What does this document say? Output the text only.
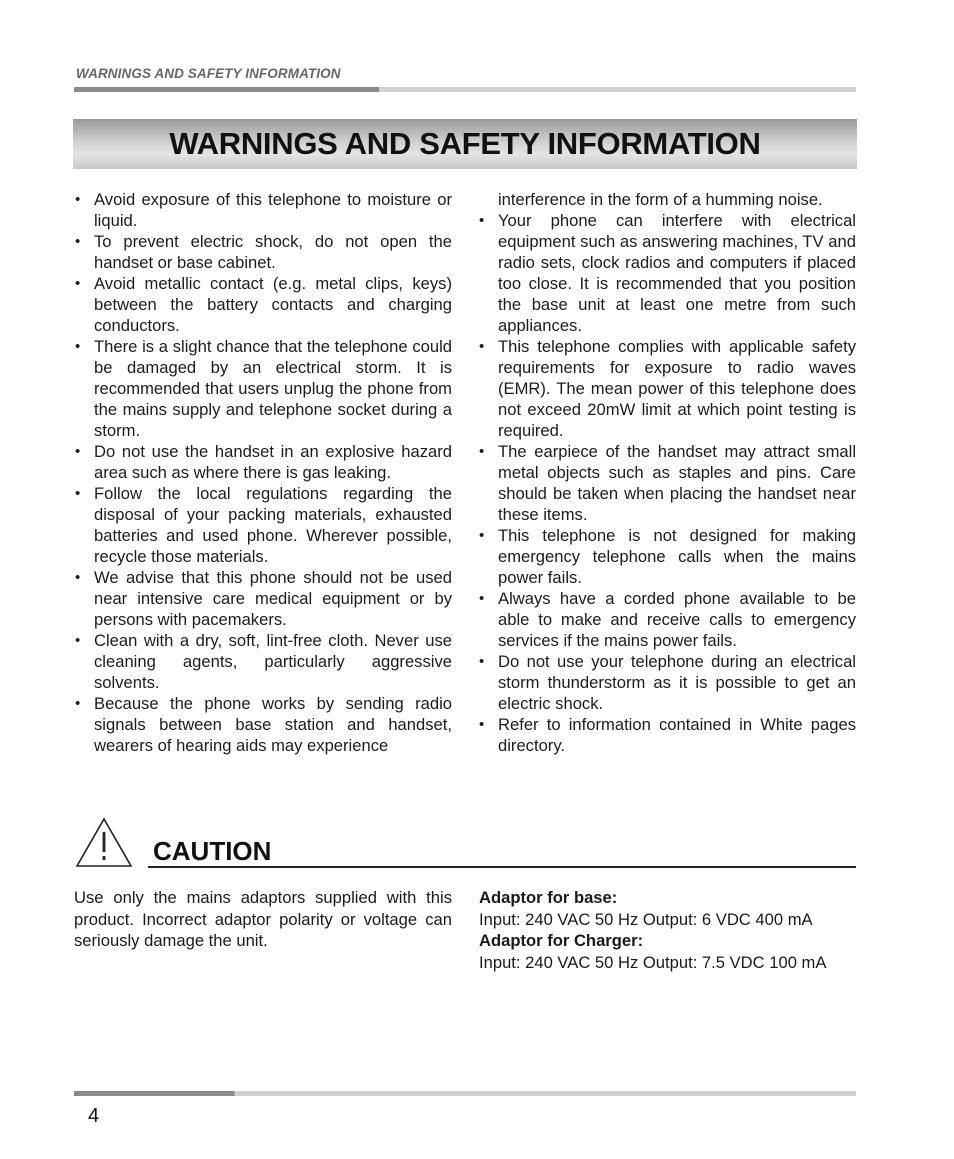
WARNINGS AND SAFETY INFORMATION
WARNINGS AND SAFETY INFORMATION
• Avoid exposure of this telephone to moisture or liquid.
• To prevent electric shock, do not open the handset or base cabinet.
• Avoid metallic contact (e.g. metal clips, keys) between the battery contacts and charging conductors.
• There is a slight chance that the telephone could be damaged by an electrical storm. It is recommended that users unplug the phone from the mains supply and telephone socket during a storm.
• Do not use the handset in an explosive hazard area such as where there is gas leaking.
• Follow the local regulations regarding the disposal of your packing materials, exhausted batteries and used phone. Wherever possible, recycle those materials.
• We advise that this phone should not be used near intensive care medical equipment or by persons with pacemakers.
• Clean with a dry, soft, lint-free cloth. Never use cleaning agents, particularly aggressive solvents.
• Because the phone works by sending radio signals between base station and handset, wearers of hearing aids may experience
interference in the form of a humming noise.
• Your phone can interfere with electrical equipment such as answering machines, TV and radio sets, clock radios and computers if placed too close. It is recommended that you position the base unit at least one metre from such appliances.
• This telephone complies with applicable safety requirements for exposure to radio waves (EMR). The mean power of this telephone does not exceed 20mW limit at which point testing is required.
• The earpiece of the handset may attract small metal objects such as staples and pins. Care should be taken when placing the handset near these items.
• This telephone is not designed for making emergency telephone calls when the mains power fails.
• Always have a corded phone available to be able to make and receive calls to emergency services if the mains power fails.
• Do not use your telephone during an electrical storm thunderstorm as it is possible to get an electric shock.
• Refer to information contained in White pages directory.
CAUTION
Use only the mains adaptors supplied with this product. Incorrect adaptor polarity or voltage can seriously damage the unit.
Adaptor for base:
Input: 240 VAC 50 Hz Output: 6 VDC 400 mA
Adaptor for Charger:
Input: 240 VAC 50 Hz Output: 7.5 VDC 100 mA
4
